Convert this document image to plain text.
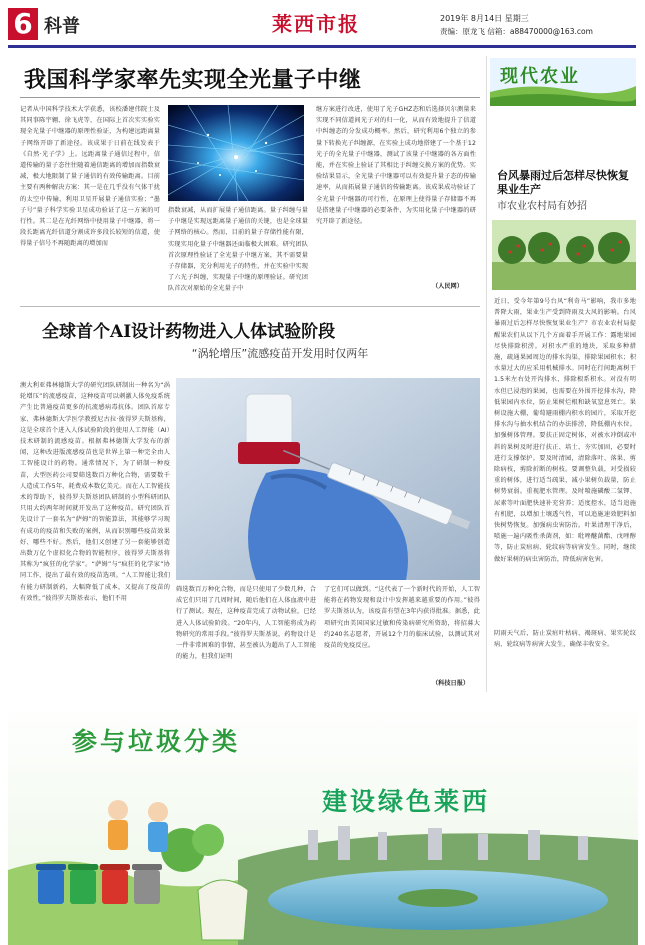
6 科普	莱西市报	2019年 8月14日 星期三
责编：原龙飞 信箱：a88470000@163.com
我国科学家率先实现全光量子中继
记者从中国科学技术大学获悉，该校潘建伟院士及其同事陈宇翱、徐飞虎等，在国际上首次实实验实现全光量子中继器的原理性验证，为构建远距离量子网络开辟了新途径。该成果于日前在线发表于《自然·光子学》上。远距离量子通信过程中，信道传输的量子态往往随着通信距离的增加而指数衰减，极大地限制了量子通信的有效传输距离。目前主要有两种解决方案：其一是在几乎没有气体干扰的太空中传输，利用卫星开展量子通信实验；“墨子号”量子科学实验卫星成功验证了这一方案的可行性。其二是在光纤网络中使用量子中继器，将一段长距离光纤信道分割成许多段长较短的信道，使得量子信号不再随距离的增加而
指数衰减，从而扩展量子通信距离。量子纠缠与量子中继是实现远距离量子通信的关键，也是全球量子网络的核心。然而，目前的量子存储性能有限，实现实用化量子中继器还面临极大困难。研究团队首次原理性验证了全光量子中继方案，其不需要量子存储器，充分利用光子的特性，并在实验中实现了六光子纠缠，实现量子中继的原理验证。研究团队首次对原始的全光量子中
继方案进行改进，使用了光子GHZ态和后选择贝尔测量来实现不同信道间光子对的归一化，从而有效地提升了信道中纠缠态的分发成功概率。然后，研究利用6个独立的参量下转换光子纠缠源，在实验上成功地搭建了一个基于12光子的全光量子中继器，测试了该量子中继器的各方面性能，并在实验上验证了其相比于纠缠交换方案的优势。实验结果显示，全光量子中继器可以有效提升量子态的传输速率，从而拓展量子通信的传输距离。该成果成功验证了全光量子中继器的可行性，在原理上使得量子存储器不再是搭建量子中继器的必要条件，为实用化量子中继器的研究开辟了新途径。
（人民网）
全球首个AI设计药物进入人体试验阶段
“涡轮增压”流感疫苗开发用时仅两年
澳大利亚弗林德斯大学的研究团队研制出一种名为“涡轮增压”的流感疫苗，这种疫苗可以刺激人体免疫系统产生比普通疫苗更多的抗流感病毒抗体。团队首席专家、弗林德斯大学医学教授尼古拉·彼得罗夫斯基称，这是全球首个进入人体试验阶段的使用人工智能（AI）技术研制的流感疫苗。根据弗林德斯大学发布的新闻，这种改进版流感疫苗也是世界上第一种完全由人工智能设计的药物。通常情况下，为了研制一种疫苗，大型医药公司要筛选数百万种化合物，需要数千人造成工作5年，耗费成本数亿美元。而在人工智能技术的帮助下，彼得罗夫斯基团队研制的小型科研团队只用大约两年时间就开发出了这种疫苗。研究团队首先设计了一套名为“萨姆”的智能算法，其能够学习现有成功的疫苗和失败的案例，从而识别哪些疫苗效果好、哪些不好。然后，他们又创建了另一套能够创造出数万亿个虚拟化合物的智能程序，彼得罗夫斯基将其称为“疯狂的化学家”。“萨姆”与“疯狂的化学家”协同工作，提出了最有效的疫苗选项。“人工智能让我们有能力研制新药，大幅降低了成本，又提高了疫苗的有效性，”彼得罗夫斯基表示，他们不用
筛选数百万种化合物，而是只使用了少数几种，合成它们只用了几周时间，随后他们在人体血液中进行了测试。现在，这种疫苗完成了动物试验，已经进入人体试验阶段。“20年内，人工智能将成为药物研究的常用手段。”彼得罗夫斯基说，药物设计是一件非常困难的事情，甚至被认为超出了人工智能的能力，但我们证明
了它们可以做到。“这代表了一个新时代的开始，人工智能将在药物发现和设计中发挥越来越重要的作用。”彼得罗夫斯基认为，该疫苗有望在3年内获得批准。据悉，此项研究由美国国家过敏和传染病研究所资助，将招募大约240名志愿者，开展12个月的临床试验，以测试其对疫苗的免疫反应。
（科技日报）
现代农业
台风暴雨过后怎样尽快恢复果业生产
市农业农村局有妙招
近日，受今年第9号台风“利奇马”影响，我市多地普降大雨，果业生产受到降雨及大风的影响。台风暴雨过后怎样尽快恢复果业生产？市农业农村局提醒果农们从以下几个方面着手开展工作：露地果园尽快排除积涝。对积水严重的地块，采取多种措施，疏通果园周边的排水沟渠，排除果园积水；积水量过大的应采用机械排水。同时在行间距离树干1.5米左右处开沟排水，排除根系积水。对没有明水但已浸泡的果园，也需要在外围开挖排水沟，降低果园内水位，防止果树烂根和缺氧窒息死亡。果树设施大棚，葡萄避雨棚内积水的园片，采取开挖排水沟与抽水机结合的办法排涝，降低棚内水位。加强树体管理。要扶正固定树体，对被水冲倒或冲斜的果树及时进行扶正、培土、夯实加固，必要时进行支撑保护。要及时清园，清除落叶、落果、剪除病枝，剪除折断的树枝。要调整负载，对受损较重的树体，进行适当疏果，减小果树负载量，防止树势衰弱。重视肥水管理。及时喷施磷酸二氢钾、尿素等叶面肥快速补充营养；适度控水，适当追施有机肥，以增加土壤透气性，可以追施速效肥料加快树势恢复。加强病虫害防治。叶果清理干净后，喷施一遍内吸性杀菌剂，如：吡唑醚菌酯、戊唑醇等，防止炭疽病、轮纹病等病害发生。同时，继续做好果树的病虫害防治，降低病害危害。
阴雨天气后，防止炭疽叶枯病、褐斑病、果实轮纹病、轮纹病等病害大发生，确保丰收安全。
参与垃圾分类
建设绿色莱西
